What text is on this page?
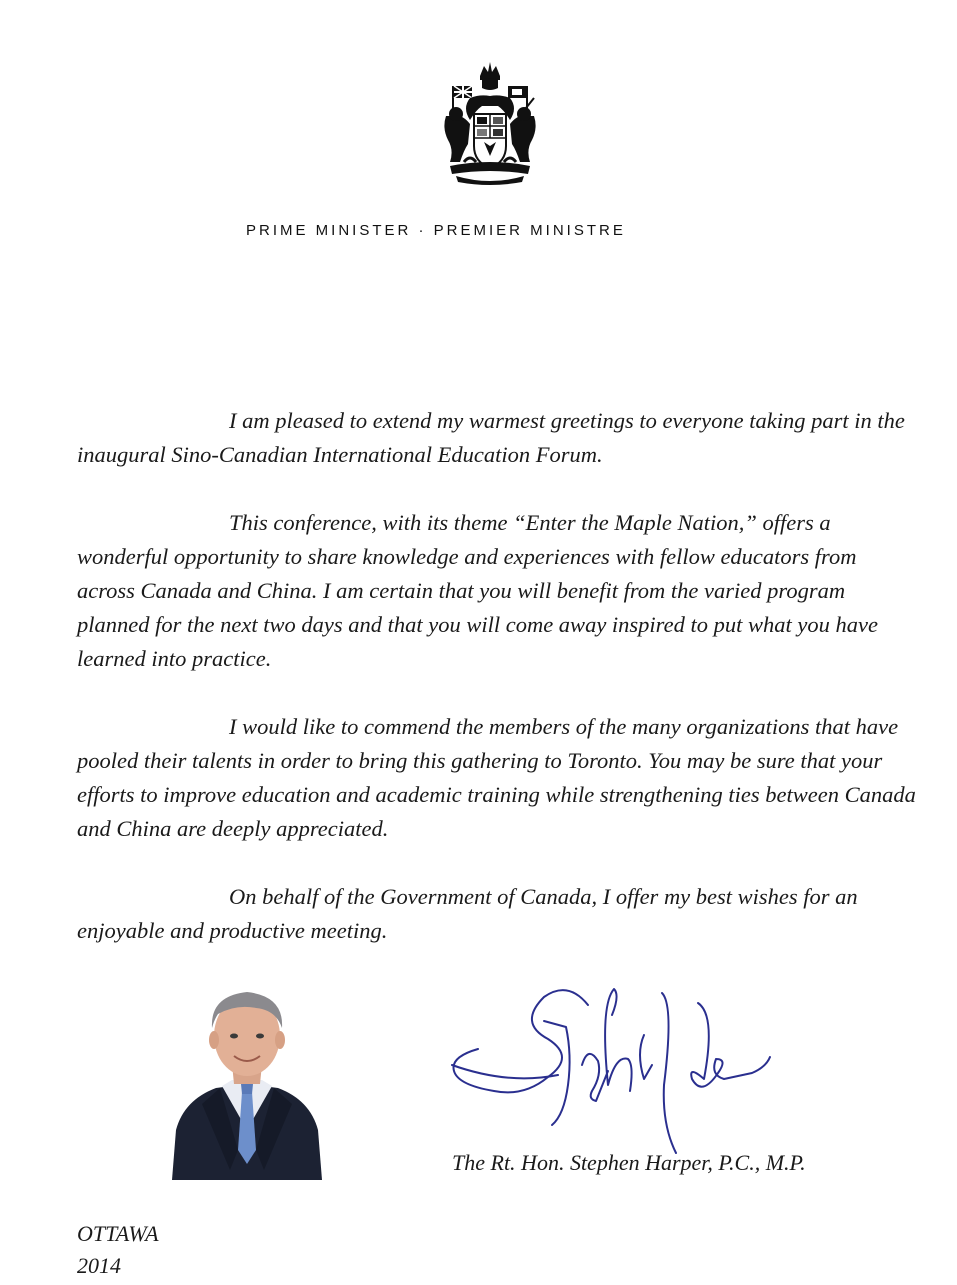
PRIME MINISTER · PREMIER MINISTRE

I am pleased to extend my warmest greetings to everyone taking part in the inaugural Sino-Canadian International Education Forum.

This conference, with its theme “Enter the Maple Nation,” offers a wonderful opportunity to share knowledge and experiences with fellow educators from across Canada and China. I am certain that you will benefit from the varied program planned for the next two days and that you will come away inspired to put what you have learned into practice.

I would like to commend the members of the many organizations that have pooled their talents in order to bring this gathering to Toronto. You may be sure that your efforts to improve education and academic training while strengthening ties between Canada and China are deeply appreciated.

On behalf of the Government of Canada, I offer my best wishes for an enjoyable and productive meeting.

The Rt. Hon. Stephen Harper, P.C., M.P.
OTTAWA
2014
